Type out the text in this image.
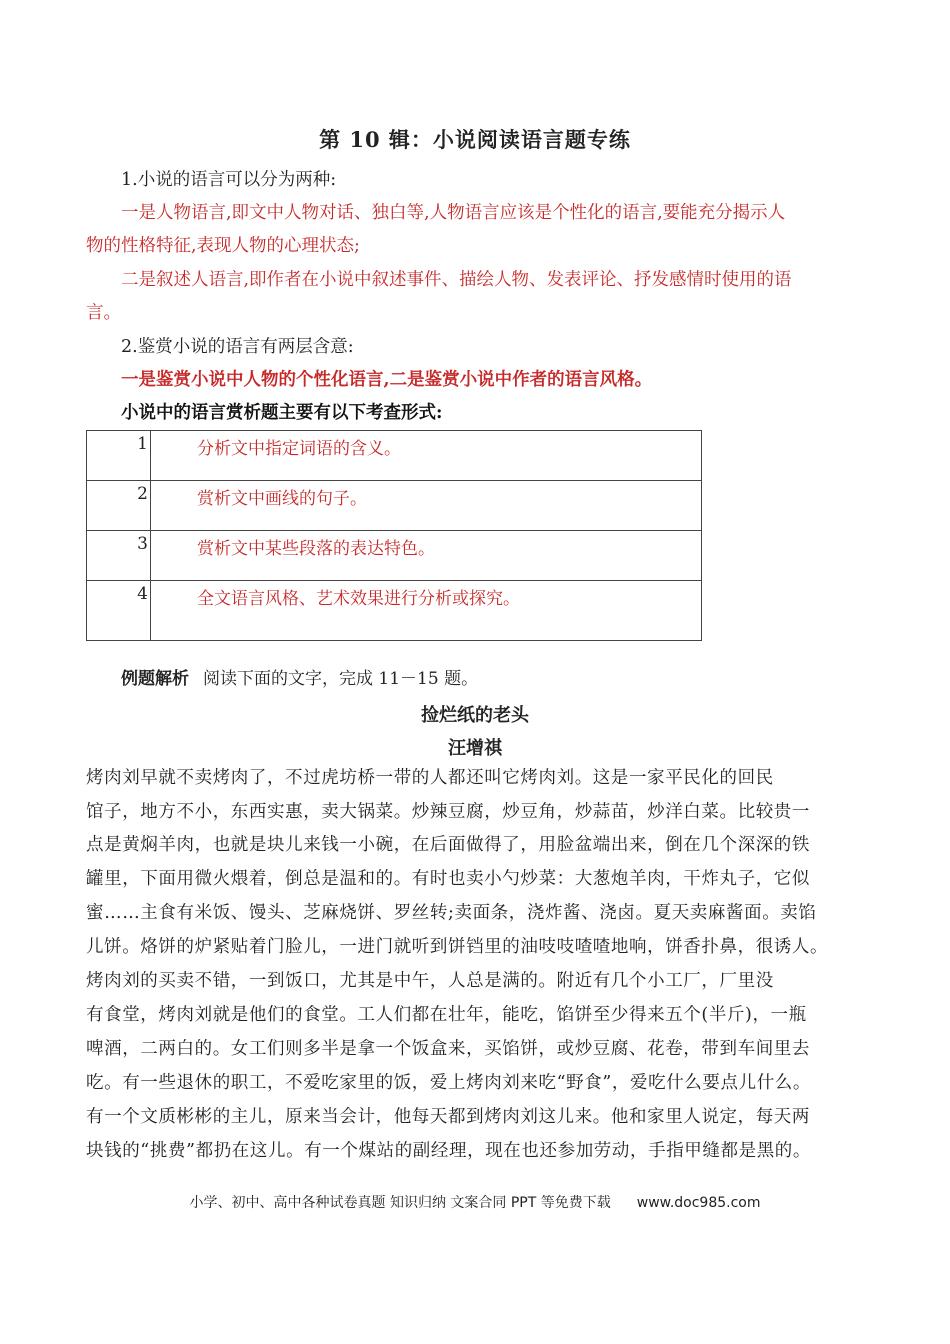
第 10 辑：小说阅读语言题专练
1.小说的语言可以分为两种:
一是人物语言,即文中人物对话、独白等,人物语言应该是个性化的语言,要能充分揭示人
物的性格特征,表现人物的心理状态;
二是叙述人语言,即作者在小说中叙述事件、描绘人物、发表评论、抒发感情时使用的语
言。
2.鉴赏小说的语言有两层含意:
一是鉴赏小说中人物的个性化语言,二是鉴赏小说中作者的语言风格。
小说中的语言赏析题主要有以下考查形式:
1	分析文中指定词语的含义。
2	赏析文中画线的句子。
3	赏析文中某些段落的表达特色。
4	全文语言风格、艺术效果进行分析或探究。
例题解析 阅读下面的文字，完成 11－15 题。
捡烂纸的老头
汪增祺
烤肉刘早就不卖烤肉了，不过虎坊桥一带的人都还叫它烤肉刘。这是一家平民化的回民
馆子，地方不小，东西实惠，卖大锅菜。炒辣豆腐，炒豆角，炒蒜苗，炒洋白菜。比较贵一
点是黄焖羊肉，也就是块儿来钱一小碗，在后面做得了，用脸盆端出来，倒在几个深深的铁
罐里，下面用微火煨着，倒总是温和的。有时也卖小勺炒菜：大葱炮羊肉，干炸丸子，它似
蜜……主食有米饭、馒头、芝麻烧饼、罗丝转;卖面条，浇炸酱、浇卤。夏天卖麻酱面。卖馅
儿饼。烙饼的炉紧贴着门脸儿，一进门就听到饼铛里的油吱吱喳喳地响，饼香扑鼻，很诱人。
烤肉刘的买卖不错，一到饭口，尤其是中午，人总是满的。附近有几个小工厂，厂里没
有食堂，烤肉刘就是他们的食堂。工人们都在壮年，能吃，馅饼至少得来五个(半斤)，一瓶
啤酒，二两白的。女工们则多半是拿一个饭盒来，买馅饼，或炒豆腐、花卷，带到车间里去
吃。有一些退休的职工，不爱吃家里的饭，爱上烤肉刘来吃“野食”，爱吃什么要点儿什么。
有一个文质彬彬的主儿，原来当会计，他每天都到烤肉刘这儿来。他和家里人说定，每天两
块钱的“挑费”都扔在这儿。有一个煤站的副经理，现在也还参加劳动，手指甲缝都是黑的。
小学、初中、高中各种试卷真题 知识归纳 文案合同 PPT 等免费下载 www.doc985.com
